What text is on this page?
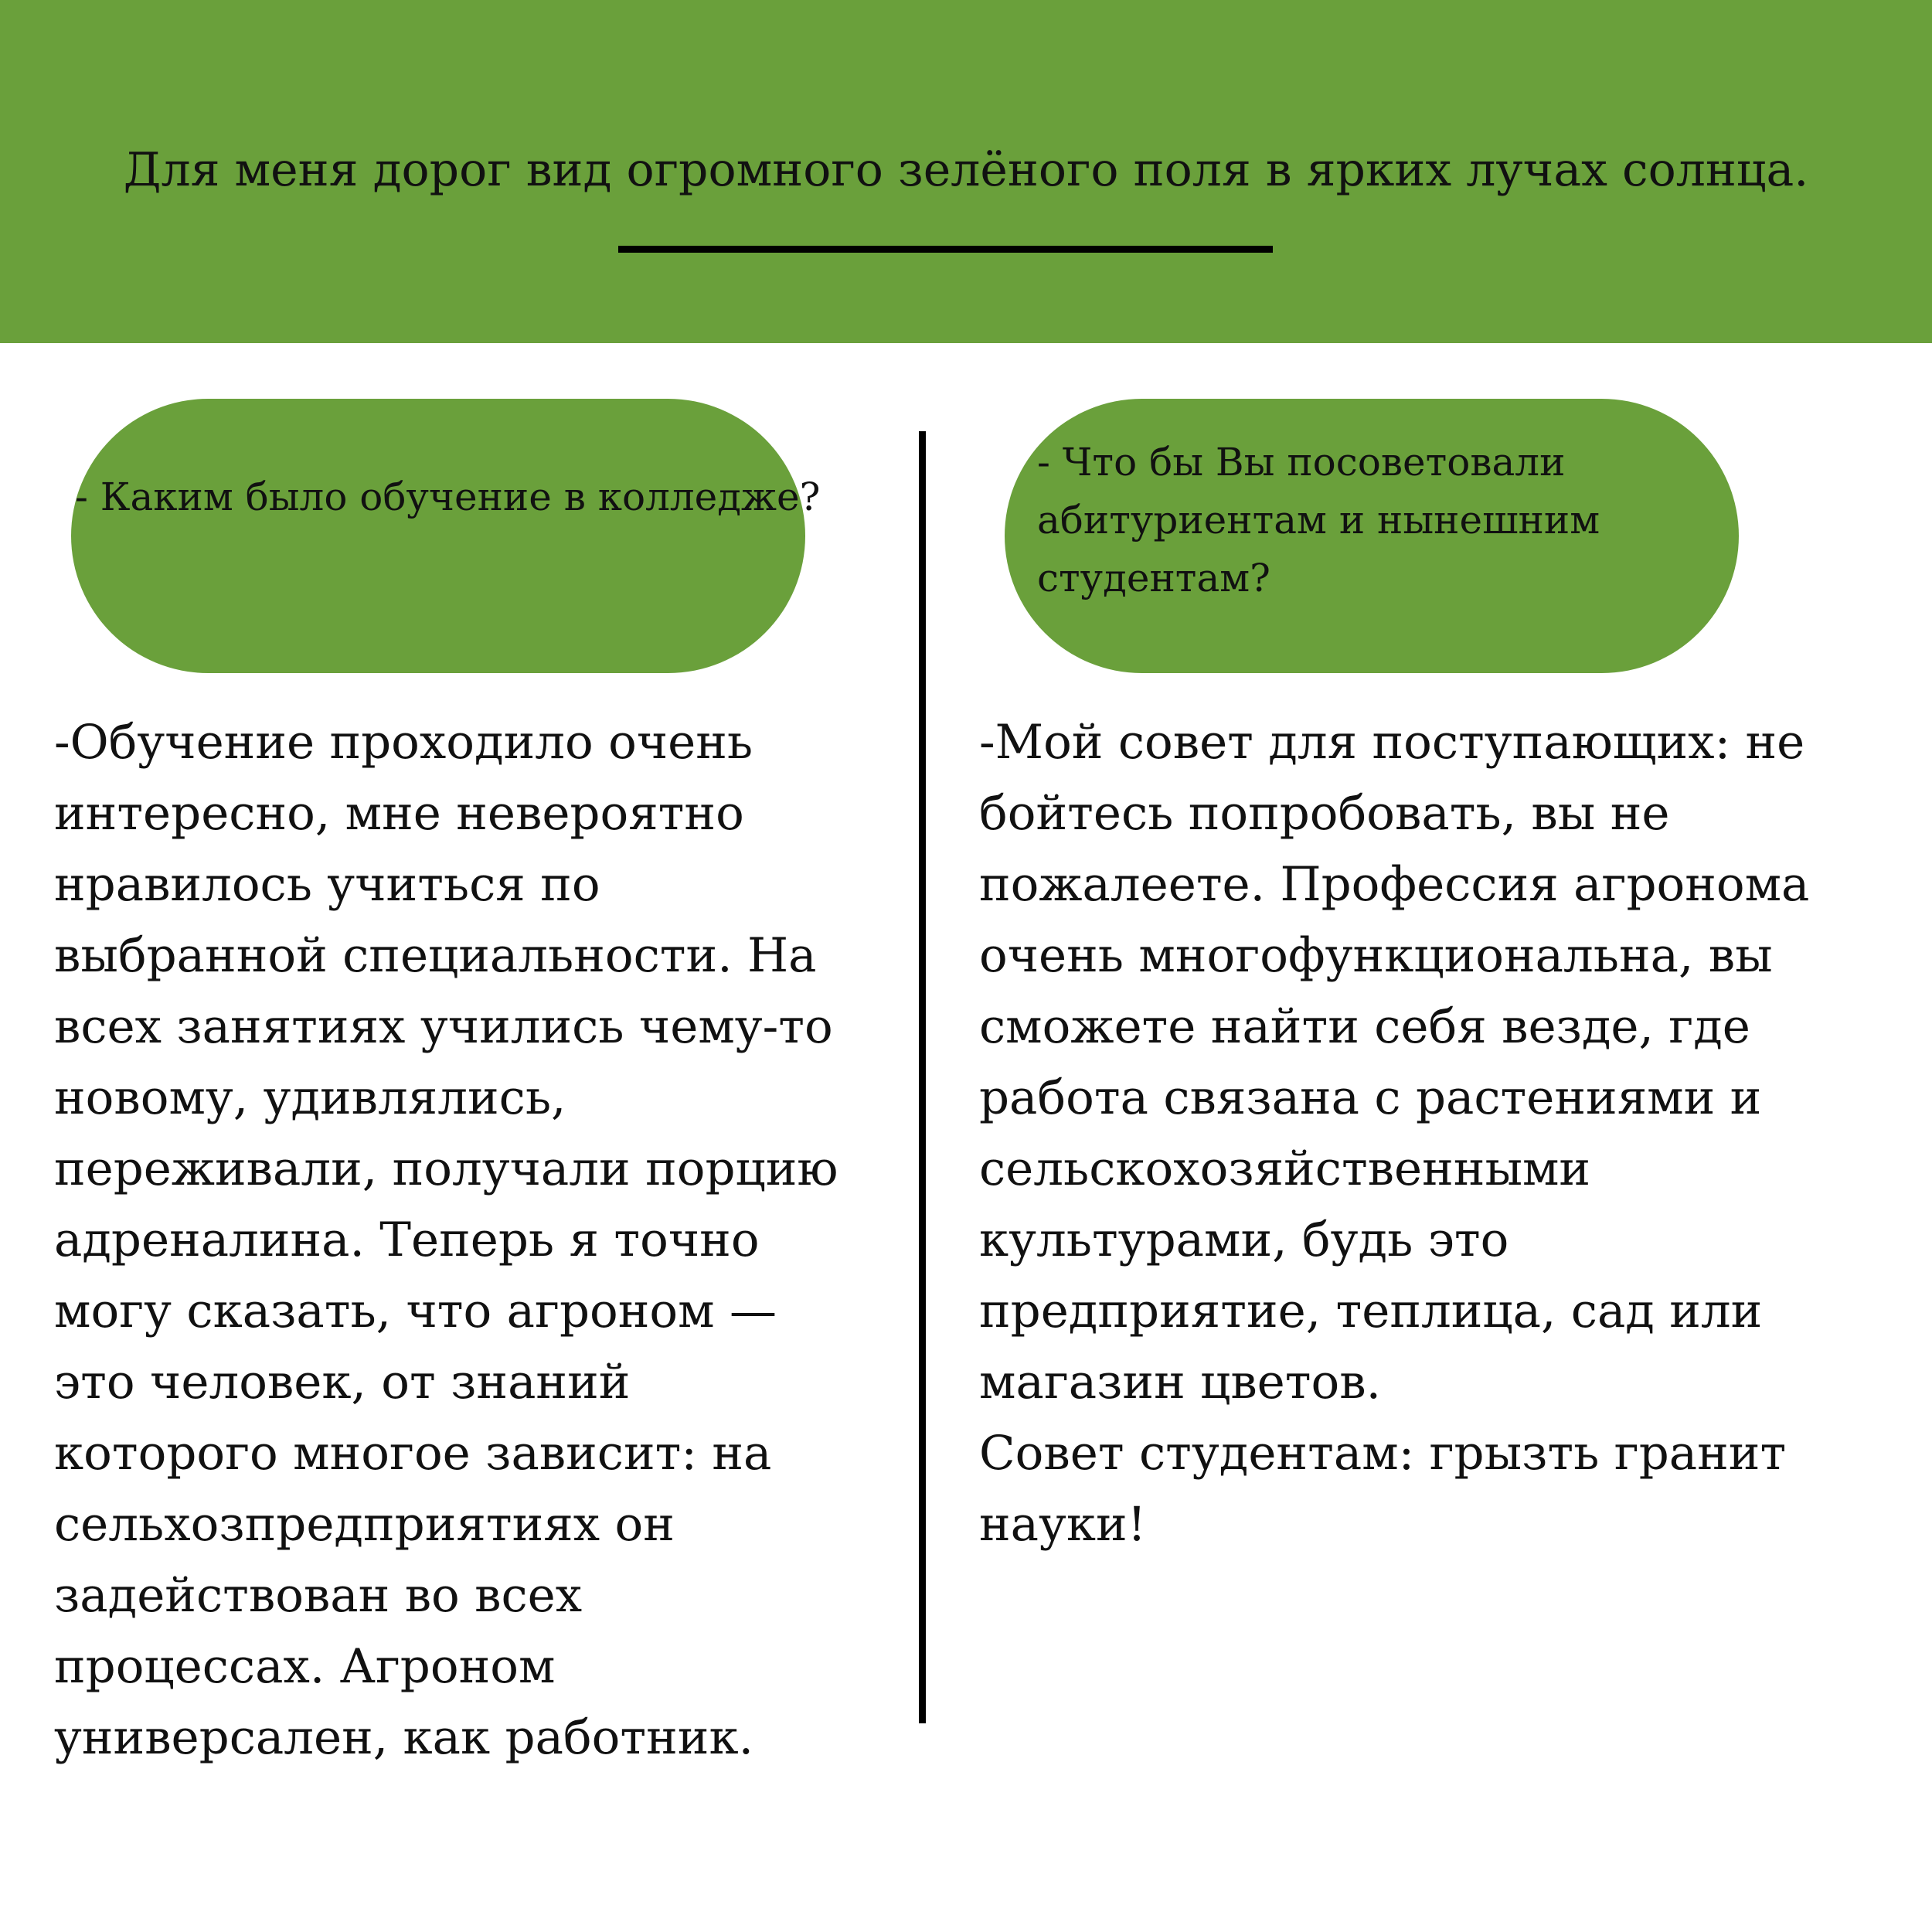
Для меня дорог вид огромного зелёного поля в ярких лучах солнца.
- Каким было обучение в колледже?
- Что бы Вы посоветовали абитуриентам и нынешним студентам?
-Обучение проходило очень
интересно, мне невероятно
нравилось учиться по
выбранной специальности. На
всех занятиях учились чему-то
новому, удивлялись,
переживали, получали порцию
адреналина. Теперь я точно
могу сказать, что агроном —
это человек, от знаний
которого многое зависит: на
сельхозпредприятиях он
задействован во всех
процессах. Агроном
универсален, как работник.
-Мой совет для поступающих: не
бойтесь попробовать, вы не
пожалеете. Профессия агронома
очень многофункциональна, вы
сможете найти себя везде, где
работа связана с растениями и
сельскохозяйственными
культурами, будь это
предприятие, теплица, сад или
магазин цветов.
Совет студентам: грызть гранит
науки!
